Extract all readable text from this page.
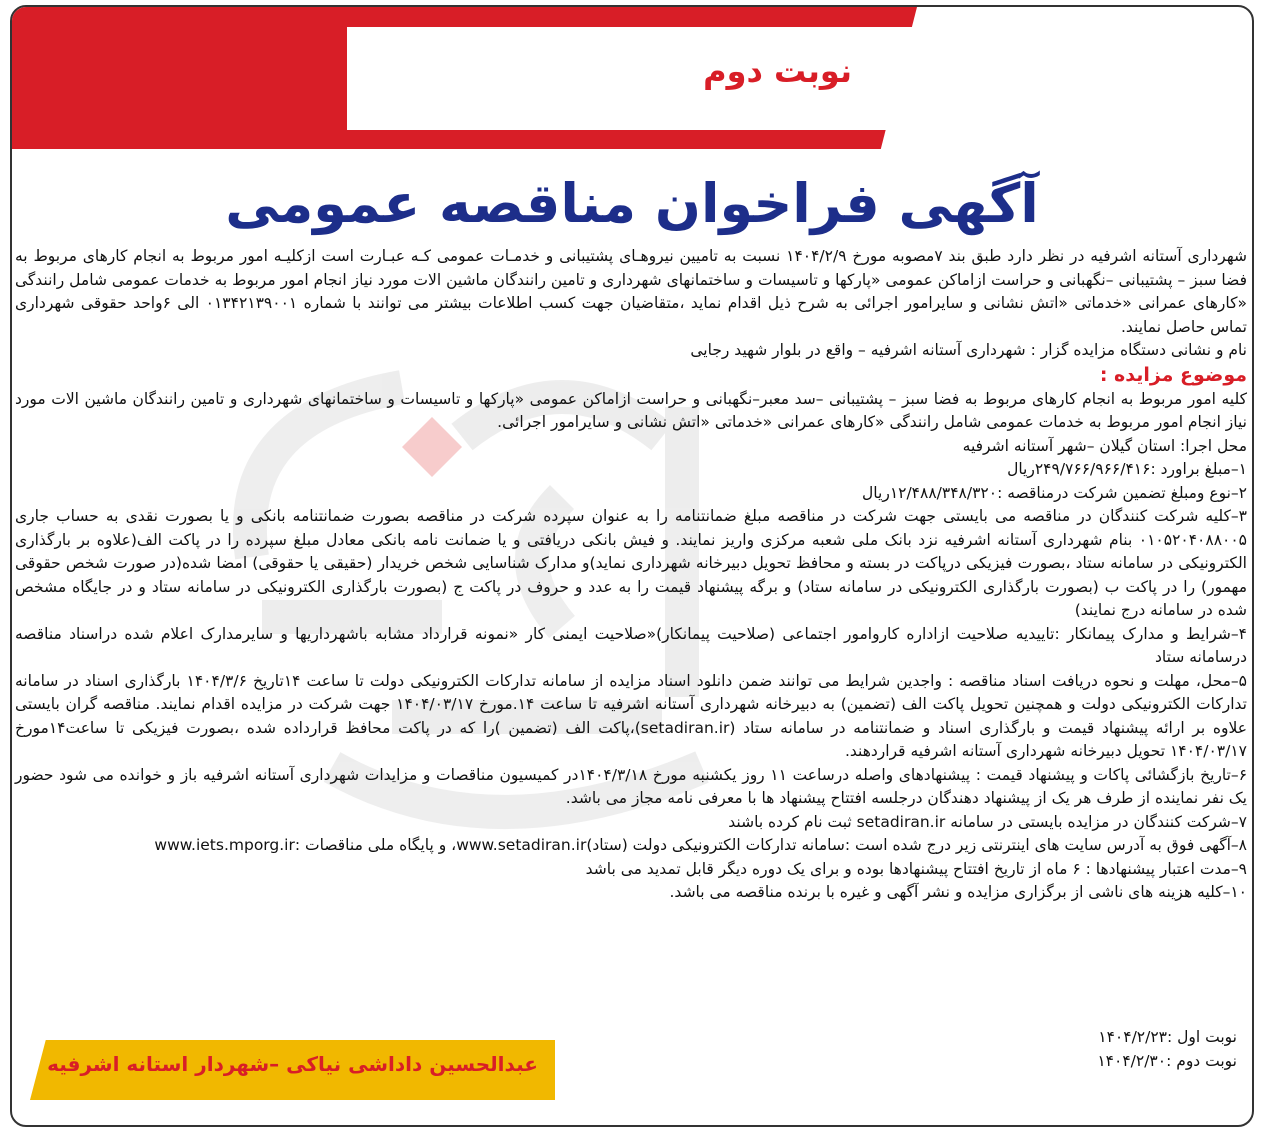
نوبت دوم
آگهی فراخوان مناقصه عمومی

شهرداری آستانه اشرفیه در نظر دارد طبق بند ۷مصوبه مورخ ۱۴۰۴/۲/۹ نسبت به تامیین نیروهـای پشتیبانی و خدمـات عمومی کـه عبـارت است ازکلیـه امور مربوط به انجام کارهای مربوط به فضا سبز – پشتیبانی –نگهبانی و حراست ازاماکن عمومی «پارکها و تاسیسات و ساختمانهای شهرداری و تامین رانندگان ماشین الات مورد نیاز انجام امور مربوط به خدمات عمومی شامل رانندگی «کارهای عمرانی «خدماتی «اتش نشانی و سایرامور اجرائی به شرح ذیل اقدام نماید ،متقاضیان جهت کسب اطلاعات بیشتر می توانند با شماره ۰۱۳۴۲۱۳۹۰۰۱ الی ۶واحد حقوقی شهرداری تماس حاصل نمایند.

نام و نشانی دستگاه مزایده گزار : شهرداری آستانه اشرفیه – واقع در بلوار شهید رجایی

موضوع مزایده :

کلیه امور مربوط به انجام کارهای مربوط به فضا سبز – پشتیبانی –سد معبر–نگهبانی و حراست ازاماکن عمومی «پارکها و تاسیسات و ساختمانهای شهرداری و تامین رانندگان ماشین الات مورد نیاز انجام امور مربوط به خدمات عمومی شامل رانندگی «کارهای عمرانی «خدماتی «اتش نشانی و سایرامور اجرائی.

محل اجرا: استان گیلان –شهر آستانه اشرفیه

۱–مبلغ براورد :۲۴۹/۷۶۶/۹۶۶/۴۱۶ریال

۲–نوع ومبلغ تضمین شرکت درمناقصه :۱۲/۴۸۸/۳۴۸/۳۲۰ریال

۳–کلیه شرکت کنندگان در مناقصه می بایستی جهت شرکت در مناقصه مبلغ ضمانتنامه را به عنوان سپرده شرکت در مناقصه بصورت ضمانتنامه بانکی و یا بصورت نقدی به حساب جاری ۰۱۰۵۲۰۴۰۸۸۰۰۵ بنام شهرداری آستانه اشرفیه نزد بانک ملی شعبه مرکزی واریز نمایند. و فیش بانکی دریافتی و یا ضمانت نامه بانکی معادل مبلغ سپرده را در پاکت الف(علاوه بر بارگذاری الکترونیکی در سامانه ستاد ،بصورت فیزیکی درپاکت در بسته و محافظ تحویل دبیرخانه شهرداری نماید)و مدارک شناسایی شخص خریدار (حقیقی یا حقوقی) امضا شده(در صورت شخص حقوقی مهمور) را در پاکت ب (بصورت بارگذاری الکترونیکی در سامانه ستاد) و برگه پیشنهاد قیمت را به عدد و حروف در پاکت ج (بصورت بارگذاری الکترونیکی در سامانه ستاد و در جایگاه مشخص شده در سامانه درج نمایند)

۴–شرایط و مدارک پیمانکار :تاییدیه صلاحیت ازاداره کاروامور اجتماعی (صلاحیت پیمانکار)«صلاحیت ایمنی کار «نمونه قرارداد مشابه باشهرداریها و سایرمدارک اعلام شده دراسناد مناقصه درسامانه ستاد

۵–محل، مهلت و نحوه دریافت اسناد مناقصه : واجدین شرایط می توانند ضمن دانلود اسناد مزایده از سامانه تدارکات الکترونیکی دولت تا ساعت ۱۴تاریخ ۱۴۰۴/۳/۶ بارگذاری اسناد در سامانه تدارکات الکترونیکی دولت و همچنین تحویل پاکت الف (تضمین) به دبیرخانه شهرداری آستانه اشرفیه تا ساعت ۱۴.مورخ ۱۴۰۴/۰۳/۱۷ جهت شرکت در مزایده اقدام نمایند. مناقصه گران بایستی علاوه بر ارائه پیشنهاد قیمت و بارگذاری اسناد و ضمانتنامه در سامانه ستاد (setadiran.ir)،پاکت الف (تضمین )را که در پاکت محافظ قرارداده شده ،بصورت فیزیکی تا ساعت۱۴مورخ ۱۴۰۴/۰۳/۱۷ تحویل دبیرخانه شهرداری آستانه اشرفیه قراردهند.

۶–تاریخ بازگشائی پاکات و پیشنهاد قیمت : پیشنهادهای واصله درساعت ۱۱ روز یکشنبه مورخ ۱۴۰۴/۳/۱۸در کمیسیون مناقصات و مزایدات شهرداری آستانه اشرفیه باز و خوانده می شود حضور یک نفر نماینده از طرف هر یک از پیشنهاد دهندگان درجلسه افتتاح پیشنهاد ها با معرفی نامه مجاز می باشد.

۷–شرکت کنندگان در مزایده بایستی در سامانه setadiran.ir ثبت نام کرده باشند

۸–آگهی فوق به آدرس سایت های اینترنتی زیر درج شده است :سامانه تدارکات الکترونیکی دولت (ستاد)www.setadiran.ir، و پایگاه ملی مناقصات :www.iets.mporg.ir

۹–مدت اعتبار پیشنهادها : ۶ ماه از تاریخ افتتاح پیشنهادها بوده و برای یک دوره دیگر قابل تمدید می باشد

۱۰–کلیه هزینه های ناشی از برگزاری مزایده و نشر آگهی و غیره با برنده مناقصه می باشد.

نوبت اول :۱۴۰۴/۲/۲۳
نوبت دوم :۱۴۰۴/۲/۳۰
عبدالحسین داداشی نیاکی –شهردار استانه اشرفیه
